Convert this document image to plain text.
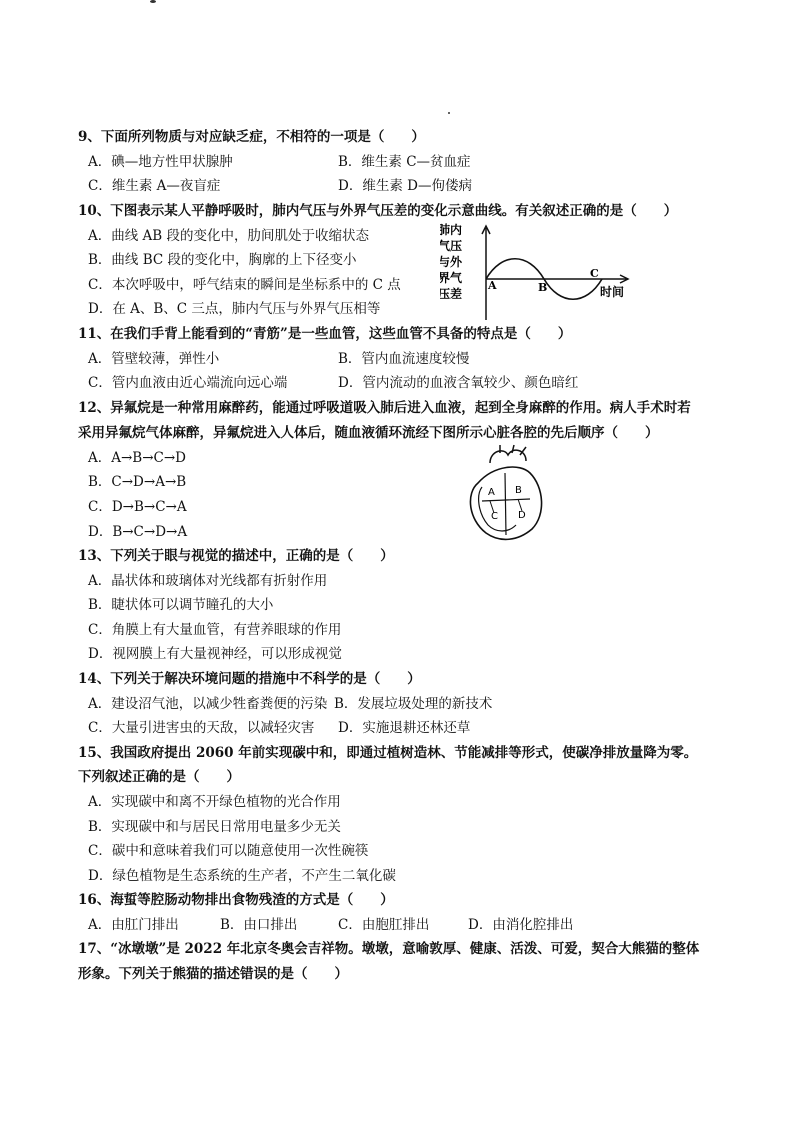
9、下面所列物质与对应缺乏症，不相符的一项是（　　）
A．碘—地方性甲状腺肿	B．维生素 C—贫血症
C．维生素 A—夜盲症	D．维生素 D—佝偻病
10、下图表示某人平静呼吸时，肺内气压与外界气压差的变化示意曲线。有关叙述正确的是（　　）
A．曲线 AB 段的变化中，肋间肌处于收缩状态
B．曲线 BC 段的变化中，胸廓的上下径变小
C．本次呼吸中，呼气结束的瞬间是坐标系中的 C 点
D．在 A、B、C 三点，肺内气压与外界气压相等
A	B
C
肺内
气压
与外
界气
压差	时间
11、在我们手背上能看到的“青筋”是一些血管，这些血管不具备的特点是（　　）
A．管壁较薄，弹性小	B．管内血流速度较慢
C．管内血液由近心端流向远心端	D．管内流动的血液含氧较少、颜色暗红
12、异氟烷是一种常用麻醉药，能通过呼吸道吸入肺后进入血液，起到全身麻醉的作用。病人手术时若
采用异氟烷气体麻醉，异氟烷进入人体后，随血液循环流经下图所示心脏各腔的先后顺序（　　）
A．A→B→C→D
B．C→D→A→B
C．D→B→C→A
D．B→C→D→A
A B
C D
13、下列关于眼与视觉的描述中，正确的是（　　）
A．晶状体和玻璃体对光线都有折射作用
B．睫状体可以调节瞳孔的大小
C．角膜上有大量血管，有营养眼球的作用
D．视网膜上有大量视神经，可以形成视觉
14、下列关于解决环境问题的措施中不科学的是（　　）
A．建设沼气池，以减少牲畜粪便的污染 B．发展垃圾处理的新技术
C．大量引进害虫的天敌，以减轻灾害 D．实施退耕还林还草
15、我国政府提出 2060 年前实现碳中和，即通过植树造林、节能减排等形式，使碳净排放量降为零。
下列叙述正确的是（　　）
A．实现碳中和离不开绿色植物的光合作用
B．实现碳中和与居民日常用电量多少无关
C．碳中和意味着我们可以随意使用一次性碗筷
D．绿色植物是生态系统的生产者，不产生二氧化碳
16、海蜇等腔肠动物排出食物残渣的方式是（　　）
A．由肛门排出	B．由口排出	C．由胞肛排出	D．由消化腔排出
17、“冰墩墩”是 2022 年北京冬奥会吉祥物。墩墩，意喻敦厚、健康、活泼、可爱，契合大熊猫的整体
形象。下列关于熊猫的描述错误的是（　　）
